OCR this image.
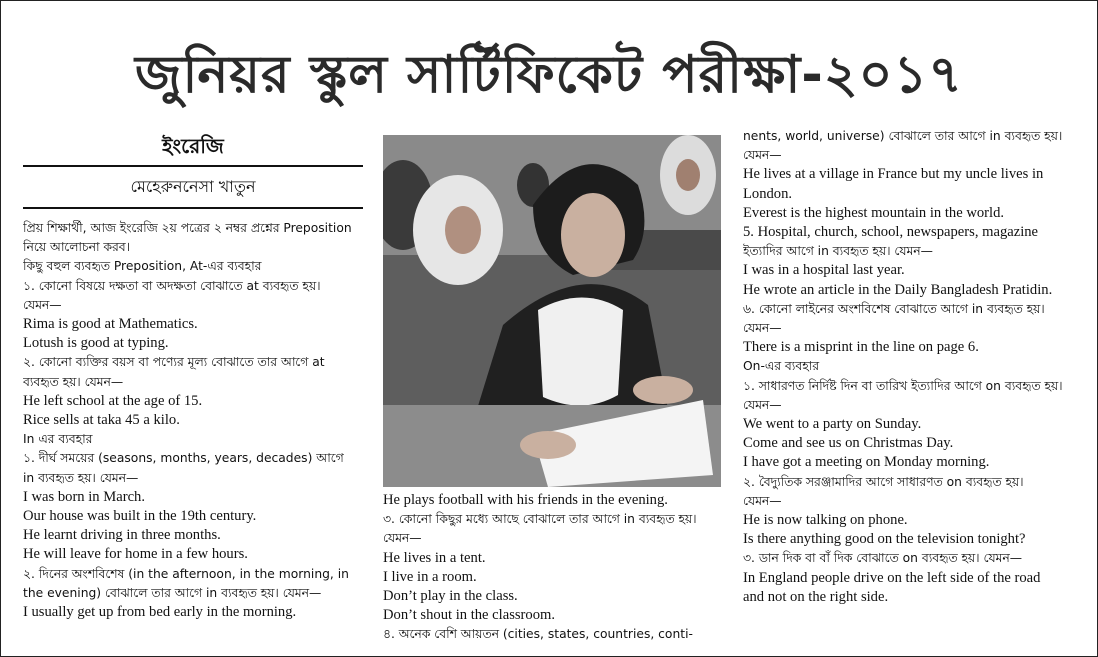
জুনিয়র স্কুল সার্টিফিকেট পরীক্ষা-২০১৭
ইংরেজি
মেহেরুননেসা খাতুন
প্রিয় শিক্ষার্থী, আজ ইংরেজি ২য় পত্রের ২ নম্বর প্রশ্নের Preposition
নিয়ে আলোচনা করব।
কিছু বহুল ব্যবহৃত Preposition, At-এর ব্যবহার
১. কোনো বিষয়ে দক্ষতা বা অদক্ষতা বোঝাতে at ব্যবহৃত হয়।
যেমন—
Rima is good at Mathematics.
Lotush is good at typing.
২. কোনো ব্যক্তির বয়স বা পণ্যের মূল্য বোঝাতে তার আগে at
ব্যবহৃত হয়। যেমন—
He left school at the age of 15.
Rice sells at taka 45 a kilo.
In এর ব্যবহার
১. দীর্ঘ সময়ের (seasons, months, years, decades) আগে
in ব্যবহৃত হয়। যেমন—
I was born in March.
Our house was built in the 19th century.
He learnt driving in three months.
He will leave for home in a few hours.
২. দিনের অংশবিশেষ (in the afternoon, in the morning, in
the evening) বোঝালে তার আগে in ব্যবহৃত হয়। যেমন—
I usually get up from bed early in the morning.
He plays football with his friends in the evening.
৩. কোনো কিছুর মধ্যে আছে বোঝালে তার আগে in ব্যবহৃত হয়।
যেমন—
He lives in a tent.
I live in a room.
Don’t play in the class.
Don’t shout in the classroom.
৪. অনেক বেশি আয়তন (cities, states, countries, conti-
nents, world, universe) বোঝালে তার আগে in ব্যবহৃত হয়।
যেমন—
He lives at a village in France but my uncle lives in
London.
Everest is the highest mountain in the world.
5. Hospital, church, school, newspapers, magazine
ইত্যাদির আগে in ব্যবহৃত হয়। যেমন—
I was in a hospital last year.
He wrote an article in the Daily Bangladesh Pratidin.
৬. কোনো লাইনের অংশবিশেষ বোঝাতে আগে in ব্যবহৃত হয়।
যেমন—
There is a misprint in the line on page 6.
On-এর ব্যবহার
১. সাধারণত নির্দিষ্ট দিন বা তারিখ ইত্যাদির আগে on ব্যবহৃত হয়।
যেমন—
We went to a party on Sunday.
Come and see us on Christmas Day.
I have got a meeting on Monday morning.
২. বৈদ্যুতিক সরঞ্জামাদির আগে সাধারণত on ব্যবহৃত হয়।
যেমন—
He is now talking on phone.
Is there anything good on the television tonight?
৩. ডান দিক বা বাঁ দিক বোঝাতে on ব্যবহৃত হয়। যেমন—
In England people drive on the left side of the road
and not on the right side.
